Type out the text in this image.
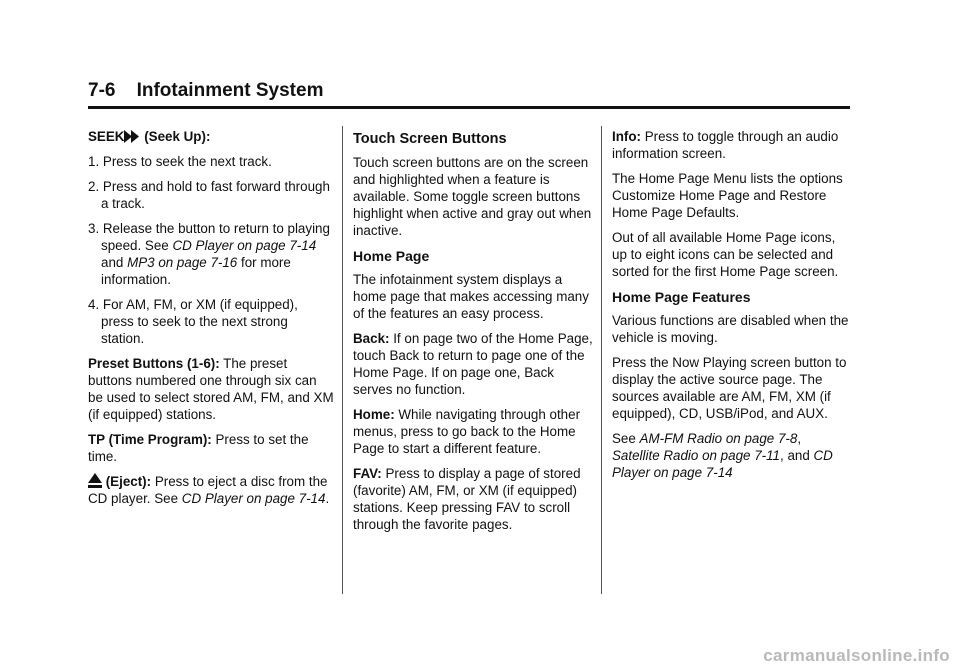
7-6 Infotainment System

SEEK (Seek Up):

1. Press to seek the next track.

2. Press and hold to fast forward through a track.

3. Release the button to return to playing speed. See CD Player on page 7-14 and MP3 on page 7-16 for more information.

4. For AM, FM, or XM (if equipped), press to seek to the next strong station.

Preset Buttons (1-6): The preset buttons numbered one through six can be used to select stored AM, FM, and XM (if equipped) stations.

TP (Time Program): Press to set the time.

(Eject): Press to eject a disc from the CD player. See CD Player on page 7-14.

Touch Screen Buttons

Touch screen buttons are on the screen and highlighted when a feature is available. Some toggle screen buttons highlight when active and gray out when inactive.

Home Page

The infotainment system displays a home page that makes accessing many of the features an easy process.

Back: If on page two of the Home Page, touch Back to return to page one of the Home Page. If on page one, Back serves no function.

Home: While navigating through other menus, press to go back to the Home Page to start a different feature.

FAV: Press to display a page of stored (favorite) AM, FM, or XM (if equipped) stations. Keep pressing FAV to scroll through the favorite pages.

Info: Press to toggle through an audio information screen.

The Home Page Menu lists the options Customize Home Page and Restore Home Page Defaults.

Out of all available Home Page icons, up to eight icons can be selected and sorted for the first Home Page screen.

Home Page Features

Various functions are disabled when the vehicle is moving.

Press the Now Playing screen button to display the active source page. The sources available are AM, FM, XM (if equipped), CD, USB/iPod, and AUX.

See AM-FM Radio on page 7-8, Satellite Radio on page 7-11, and CD Player on page 7-14

carmanualsonline.info
